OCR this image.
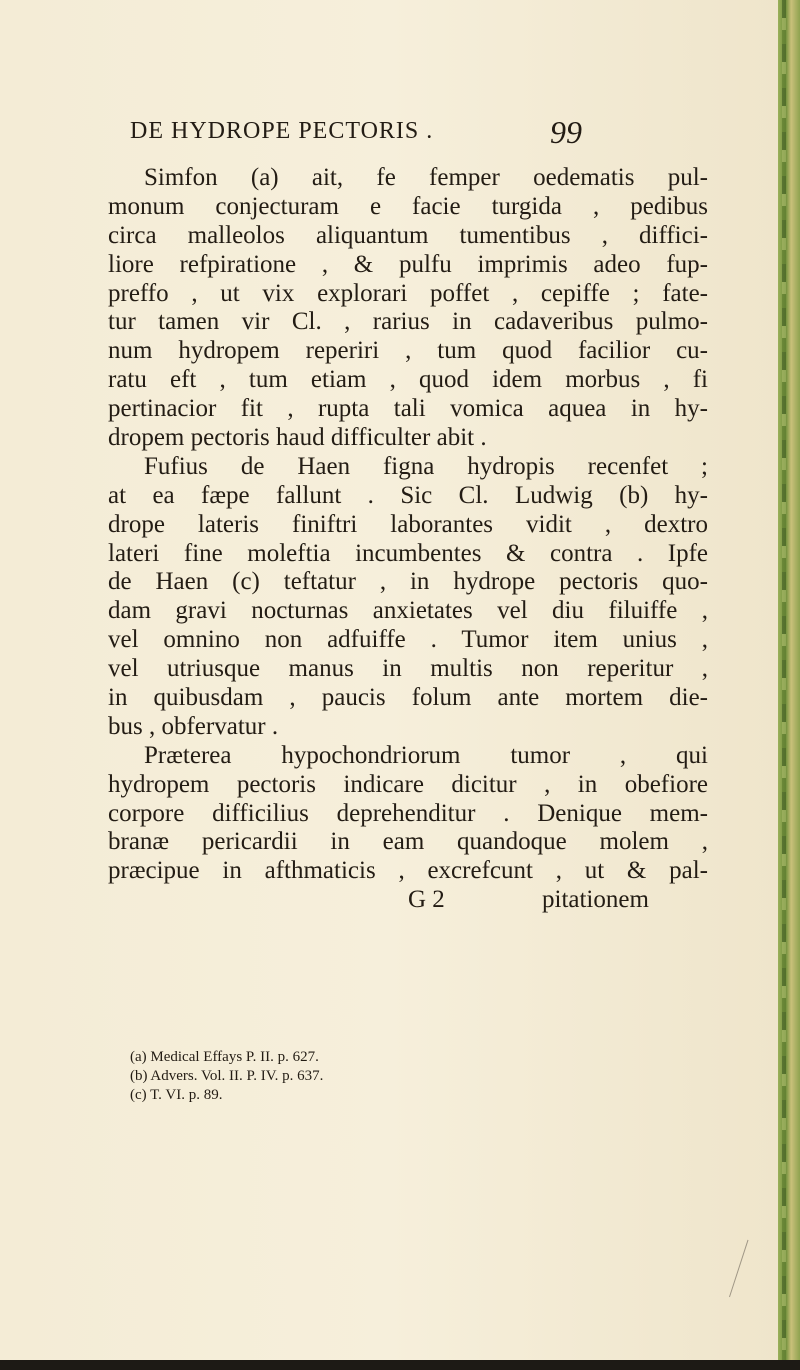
DE HYDROPE PECTORIS .	99
Simfon (a) ait, fe femper oedematis pul-
monum conjecturam e facie turgida , pedibus
circa malleolos aliquantum tumentibus , diffici-
liore refpiratione , & pulfu imprimis adeo fup-
preffo , ut vix explorari poffet , cepiffe ; fate-
tur tamen vir Cl. , rarius in cadaveribus pulmo-
num hydropem reperiri , tum quod facilior cu-
ratu eft , tum etiam , quod idem morbus , fi
pertinacior fit , rupta tali vomica aquea in hy-
dropem pectoris haud difficulter abit .
Fufius de Haen figna hydropis recenfet ;
at ea fæpe fallunt . Sic Cl. Ludwig (b) hy-
drope lateris finiftri laborantes vidit , dextro
lateri fine moleftia incumbentes & contra . Ipfe
de Haen (c) teftatur , in hydrope pectoris quo-
dam gravi nocturnas anxietates vel diu filuiffe ,
vel omnino non adfuiffe . Tumor item unius ,
vel utriusque manus in multis non reperitur ,
in quibusdam , paucis folum ante mortem die-
bus , obfervatur .
Præterea hypochondriorum tumor , qui
hydropem pectoris indicare dicitur , in obefiore
corpore difficilius deprehenditur . Denique mem-
branæ pericardii in eam quandoque molem ,
præcipue in afthmaticis , excrefcunt , ut & pal-
G 2	pitationem
(a) Medical Effays P. II. p. 627.
(b) Advers. Vol. II. P. IV. p. 637.
(c) T. VI. p. 89.
